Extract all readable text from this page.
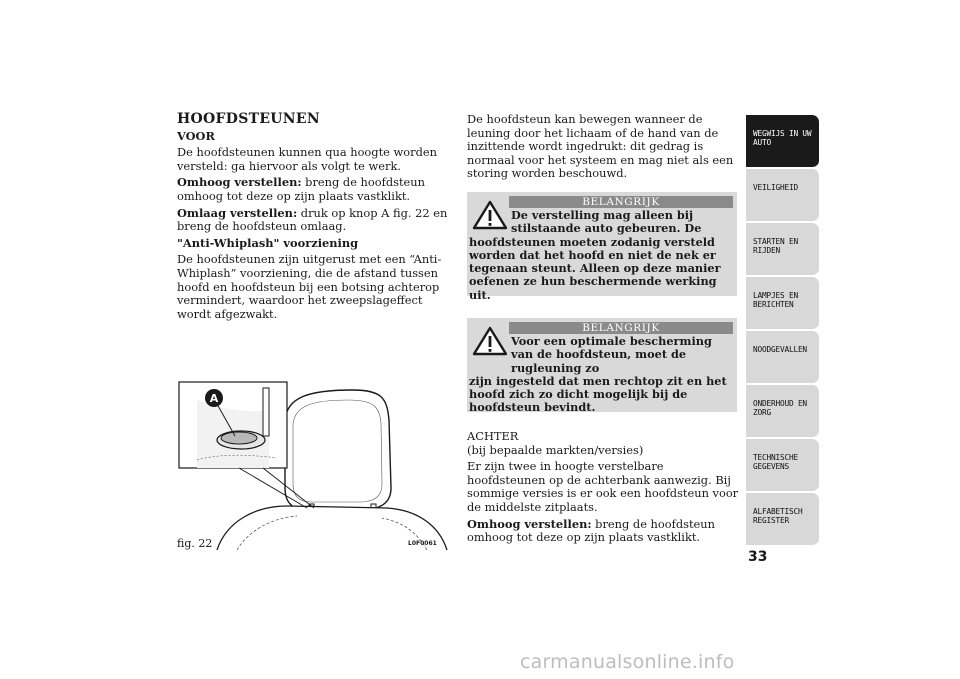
HOOFDSTEUNEN

VOOR

De hoofdsteunen kunnen qua hoogte worden versteld: ga hiervoor als volgt te werk.

Omhoog verstellen: breng de hoofdsteun omhoog tot deze op zijn plaats vastklikt.

Omlaag verstellen: druk op knop A fig. 22 en breng de hoofdsteun omlaag.

"Anti-Whiplash" voorziening

De hoofdsteunen zijn uitgerust met een “Anti-Whiplash” voorziening, die de afstand tussen hoofd en hoofdsteun bij een botsing achterop vermindert, waardoor het zweepslageffect wordt afgezwakt.

A
fig. 22	L0F0061

De hoofdsteun kan bewegen wanneer de leuning door het lichaam of de hand van de inzittende wordt ingedrukt: dit gedrag is normaal voor het systeem en mag niet als een storing worden beschouwd.

BELANGRIJK
De verstelling mag alleen bij stilstaande auto gebeuren. De
hoofdsteunen moeten zodanig versteld worden dat het hoofd en niet de nek er tegenaan steunt. Alleen op deze manier oefenen ze hun beschermende werking uit.
BELANGRIJK
Voor een optimale bescherming van de hoofdsteun, moet de rugleuning zo
zijn ingesteld dat men rechtop zit en het hoofd zich zo dicht mogelijk bij de hoofdsteun bevindt.

ACHTER

(bij bepaalde markten/versies)

Er zijn twee in hoogte verstelbare hoofdsteunen op de achterbank aanwezig. Bij sommige versies is er ook een hoofdsteun voor de middelste zitplaats.

Omhoog verstellen: breng de hoofdsteun omhoog tot deze op zijn plaats vastklikt.

WEGWIJS IN UW AUTO
VEILIGHEID
STARTEN EN RIJDEN
LAMPJES EN BERICHTEN
NOODGEVALLEN
ONDERHOUD EN ZORG
TECHNISCHE GEGEVENS
ALFABETISCH REGISTER
33
carmanualsonline.info
